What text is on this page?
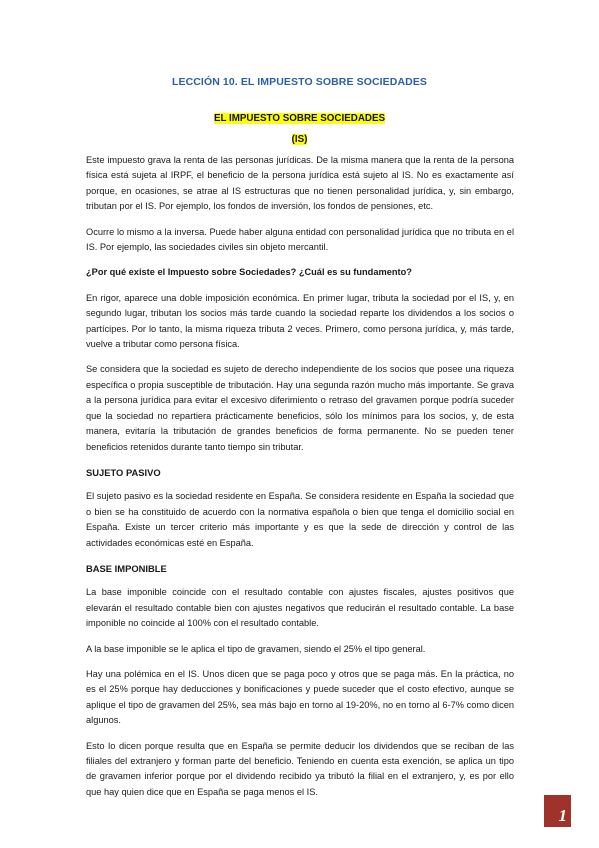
LECCIÓN 10. EL IMPUESTO SOBRE SOCIEDADES
EL IMPUESTO SOBRE SOCIEDADES
(IS)

Este impuesto grava la renta de las personas jurídicas. De la misma manera que la renta de la persona física está sujeta al IRPF, el beneficio de la persona jurídica está sujeto al IS. No es exactamente así porque, en ocasiones, se atrae al IS estructuras que no tienen personalidad jurídica, y, sin embargo, tributan por el IS. Por ejemplo, los fondos de inversión, los fondos de pensiones, etc.

Ocurre lo mismo a la inversa. Puede haber alguna entidad con personalidad jurídica que no tributa en el IS. Por ejemplo, las sociedades civiles sin objeto mercantil.

¿Por qué existe el Impuesto sobre Sociedades? ¿Cuál es su fundamento?

En rigor, aparece una doble imposición económica. En primer lugar, tributa la sociedad por el IS, y, en segundo lugar, tributan los socios más tarde cuando la sociedad reparte los dividendos a los socios o partícipes. Por lo tanto, la misma riqueza tributa 2 veces. Primero, como persona jurídica, y, más tarde, vuelve a tributar como persona física.

Se considera que la sociedad es sujeto de derecho independiente de los socios que posee una riqueza específica o propia susceptible de tributación. Hay una segunda razón mucho más importante. Se grava a la persona jurídica para evitar el excesivo diferimiento o retraso del gravamen porque podría suceder que la sociedad no repartiera prácticamente beneficios, sólo los mínimos para los socios, y, de esta manera, evitaría la tributación de grandes beneficios de forma permanente. No se pueden tener beneficios retenidos durante tanto tiempo sin tributar.

SUJETO PASIVO

El sujeto pasivo es la sociedad residente en España. Se considera residente en España la sociedad que o bien se ha constituido de acuerdo con la normativa española o bien que tenga el domicilio social en España. Existe un tercer criterio más importante y es que la sede de dirección y control de las actividades económicas esté en España.

BASE IMPONIBLE

La base imponible coincide con el resultado contable con ajustes fiscales, ajustes positivos que elevarán el resultado contable bien con ajustes negativos que reducirán el resultado contable. La base imponible no coincide al 100% con el resultado contable.

A la base imponible se le aplica el tipo de gravamen, siendo el 25% el tipo general.

Hay una polémica en el IS. Unos dicen que se paga poco y otros que se paga más. En la práctica, no es el 25% porque hay deducciones y bonificaciones y puede suceder que el costo efectivo, aunque se aplique el tipo de gravamen del 25%, sea más bajo en torno al 19-20%, no en torno al 6-7% como dicen algunos.

Esto lo dicen porque resulta que en España se permite deducir los dividendos que se reciban de las filiales del extranjero y forman parte del beneficio. Teniendo en cuenta esta exención, se aplica un tipo de gravamen inferior porque por el dividendo recibido ya tributó la filial en el extranjero, y, es por ello que hay quien dice que en España se paga menos el IS.

1
